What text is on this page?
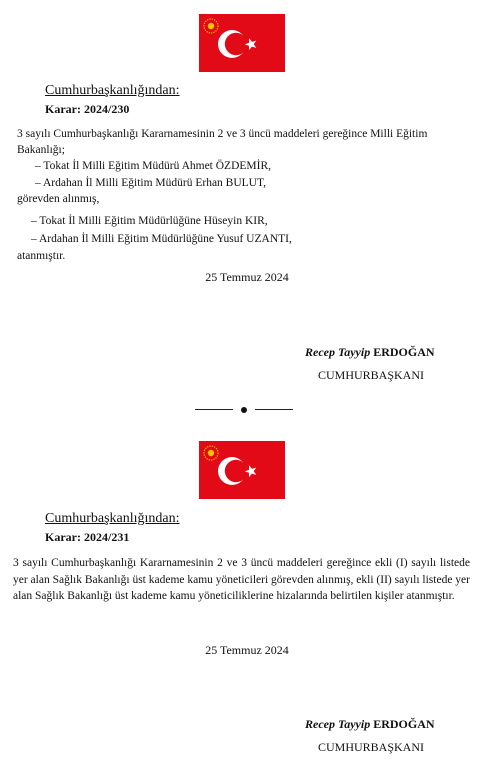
Cumhurbaşkanlığından:
Karar: 2024/230
3 sayılı Cumhurbaşkanlığı Kararnamesinin 2 ve 3 üncü maddeleri gereğince Milli Eğitim
Bakanlığı;
– Tokat İl Milli Eğitim Müdürü Ahmet ÖZDEMİR,
– Ardahan İl Milli Eğitim Müdürü Erhan BULUT,
görevden alınmış,
– Tokat İl Milli Eğitim Müdürlüğüne Hüseyin KIR,
– Ardahan İl Milli Eğitim Müdürlüğüne Yusuf UZANTI,
atanmıştır.
25 Temmuz 2024
Recep Tayyip ERDOĞAN
CUMHURBAŞKANI
Cumhurbaşkanlığından:
Karar: 2024/231
3 sayılı Cumhurbaşkanlığı Kararnamesinin 2 ve 3 üncü maddeleri gereğince ekli (I) sayılı listede yer alan Sağlık Bakanlığı üst kademe kamu yöneticileri görevden alınmış, ekli (II) sayılı listede yer alan Sağlık Bakanlığı üst kademe kamu yöneticiliklerine hizalarında belirtilen kişiler atanmıştır.
25 Temmuz 2024
Recep Tayyip ERDOĞAN
CUMHURBAŞKANI
